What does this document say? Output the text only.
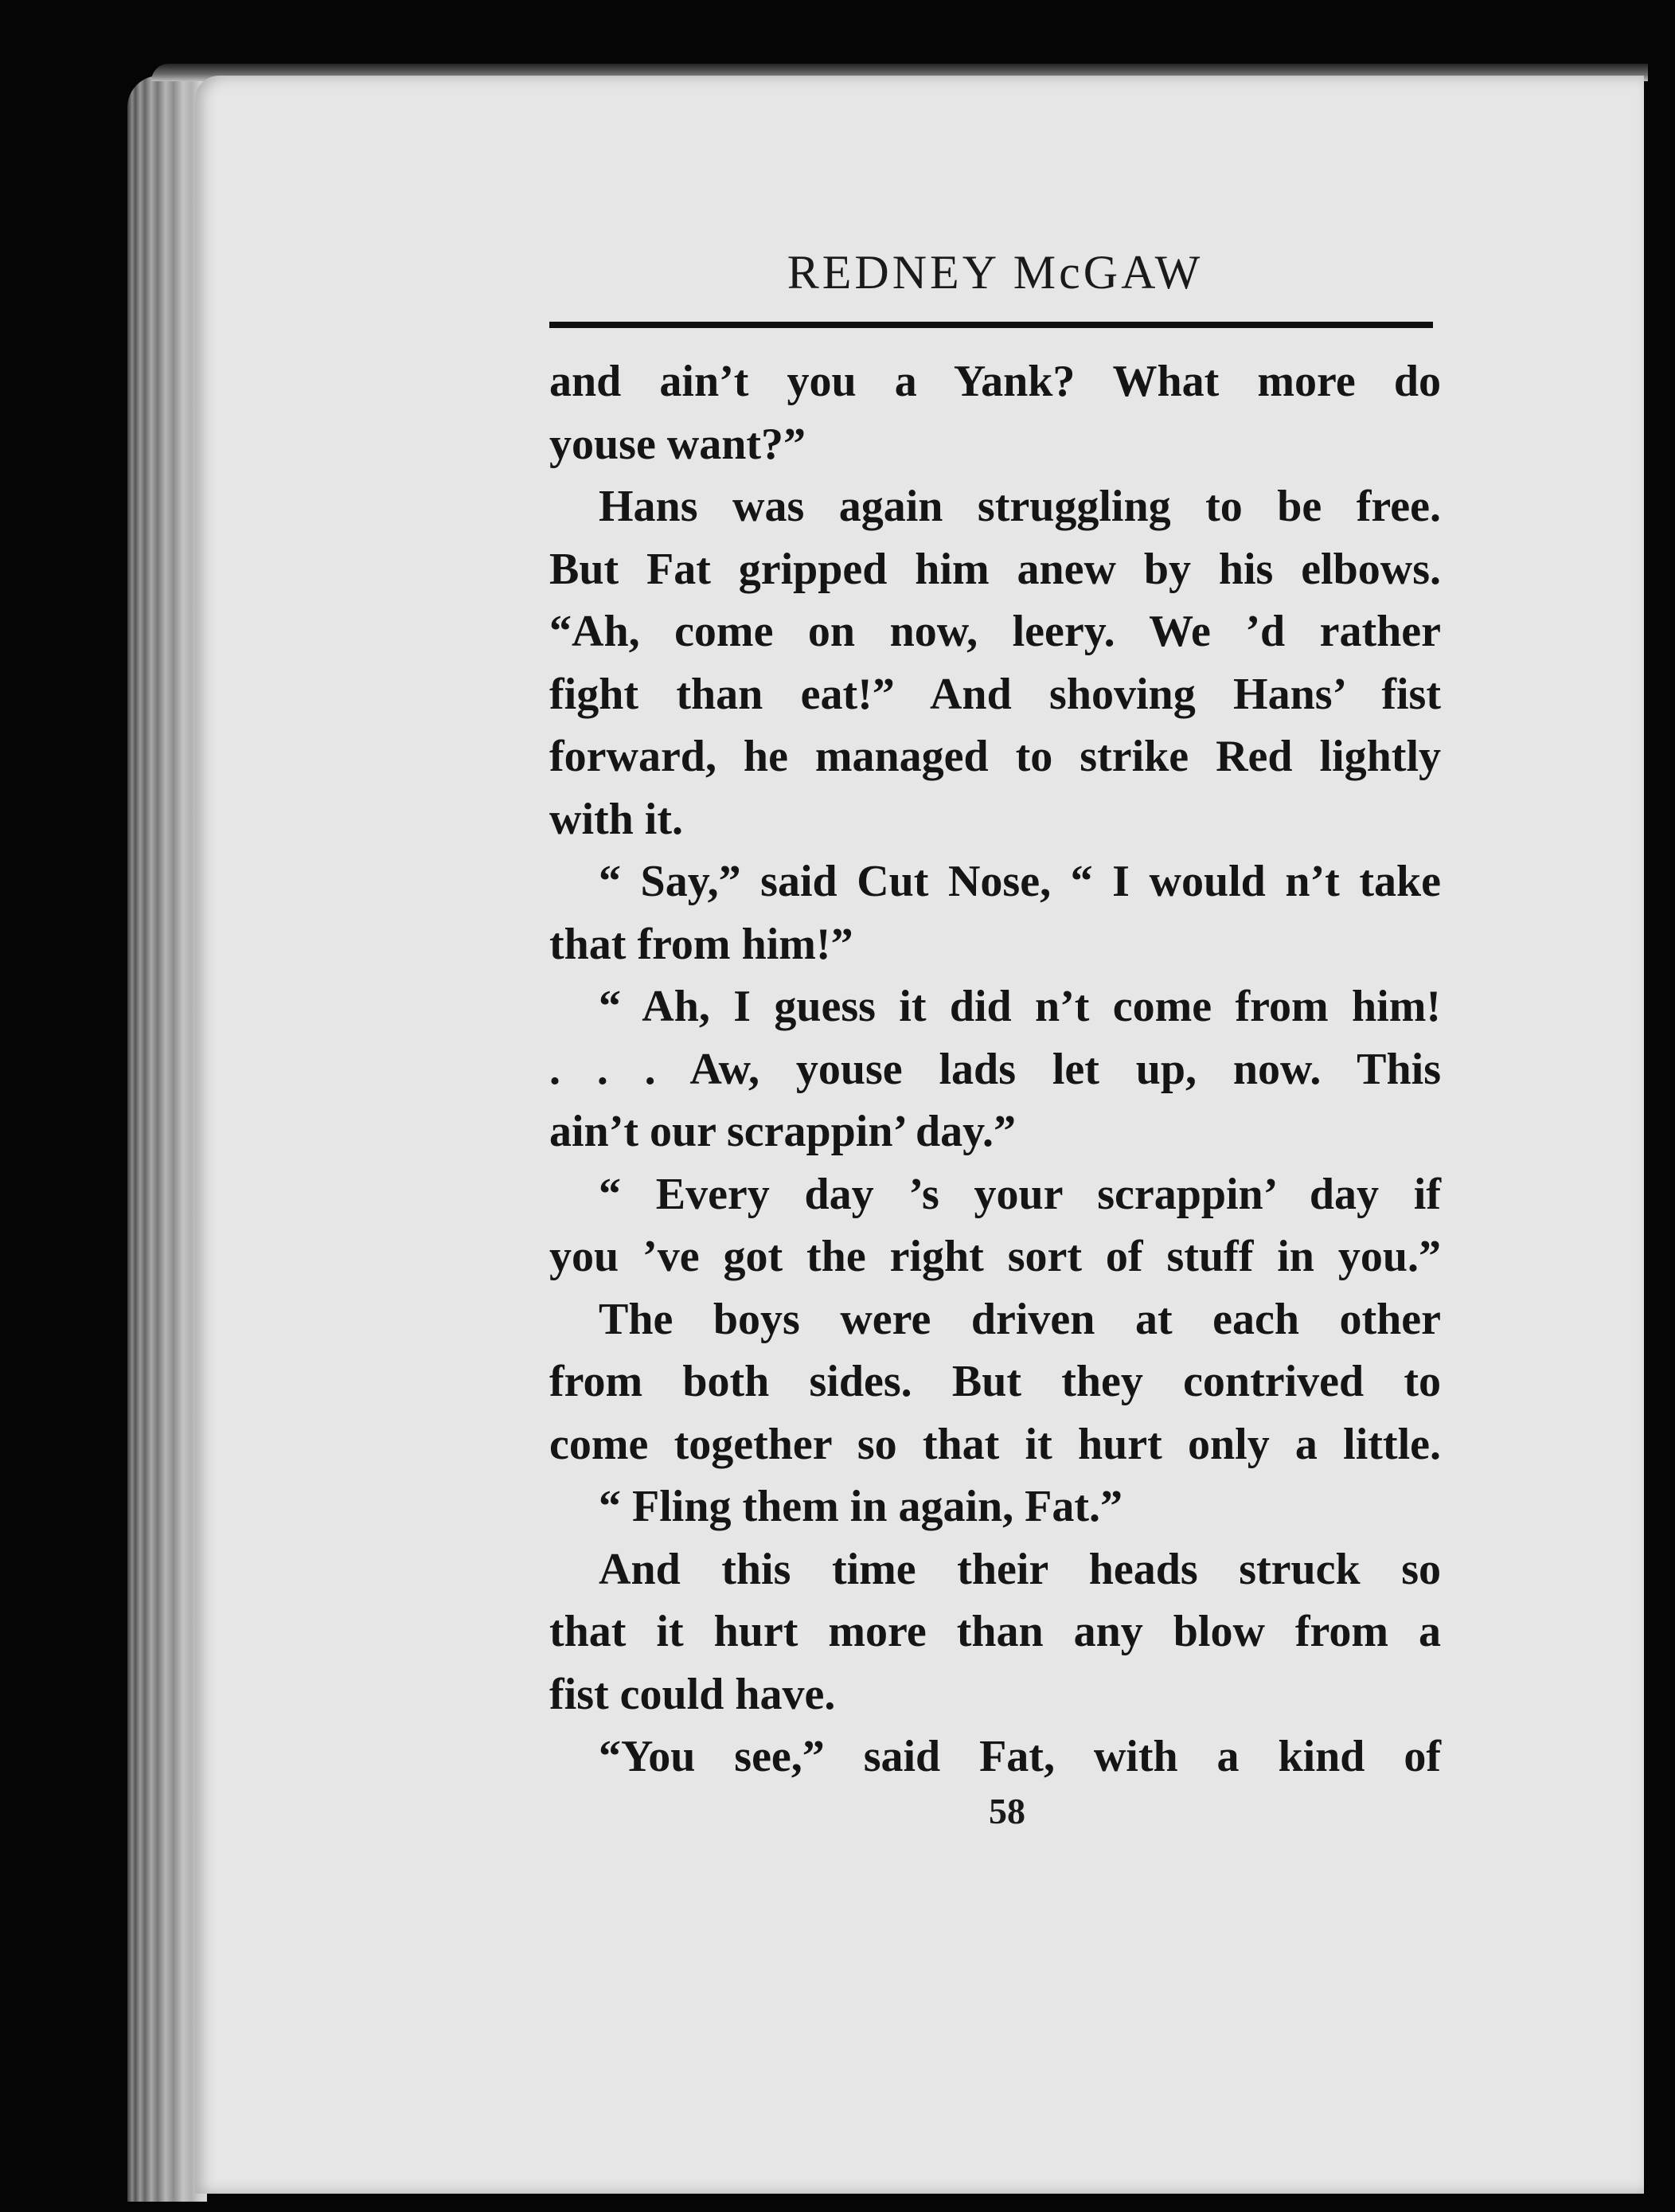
REDNEY McGAW
and ain’t you a Yank? What more do
youse want?”
Hans was again struggling to be free.
But Fat gripped him anew by his elbows.
“Ah, come on now, leery. We ’d rather
fight than eat!” And shoving Hans’ fist
forward, he managed to strike Red lightly
with it.
“ Say,” said Cut Nose, “ I would n’t take
that from him!”
“ Ah, I guess it did n’t come from him!
. . . Aw, youse lads let up, now. This
ain’t our scrappin’ day.”
“ Every day ’s your scrappin’ day if
you ’ve got the right sort of stuff in you.”
The boys were driven at each other
from both sides. But they contrived to
come together so that it hurt only a little.
“ Fling them in again, Fat.”
And this time their heads struck so
that it hurt more than any blow from a
fist could have.
“You see,” said Fat, with a kind of
58
